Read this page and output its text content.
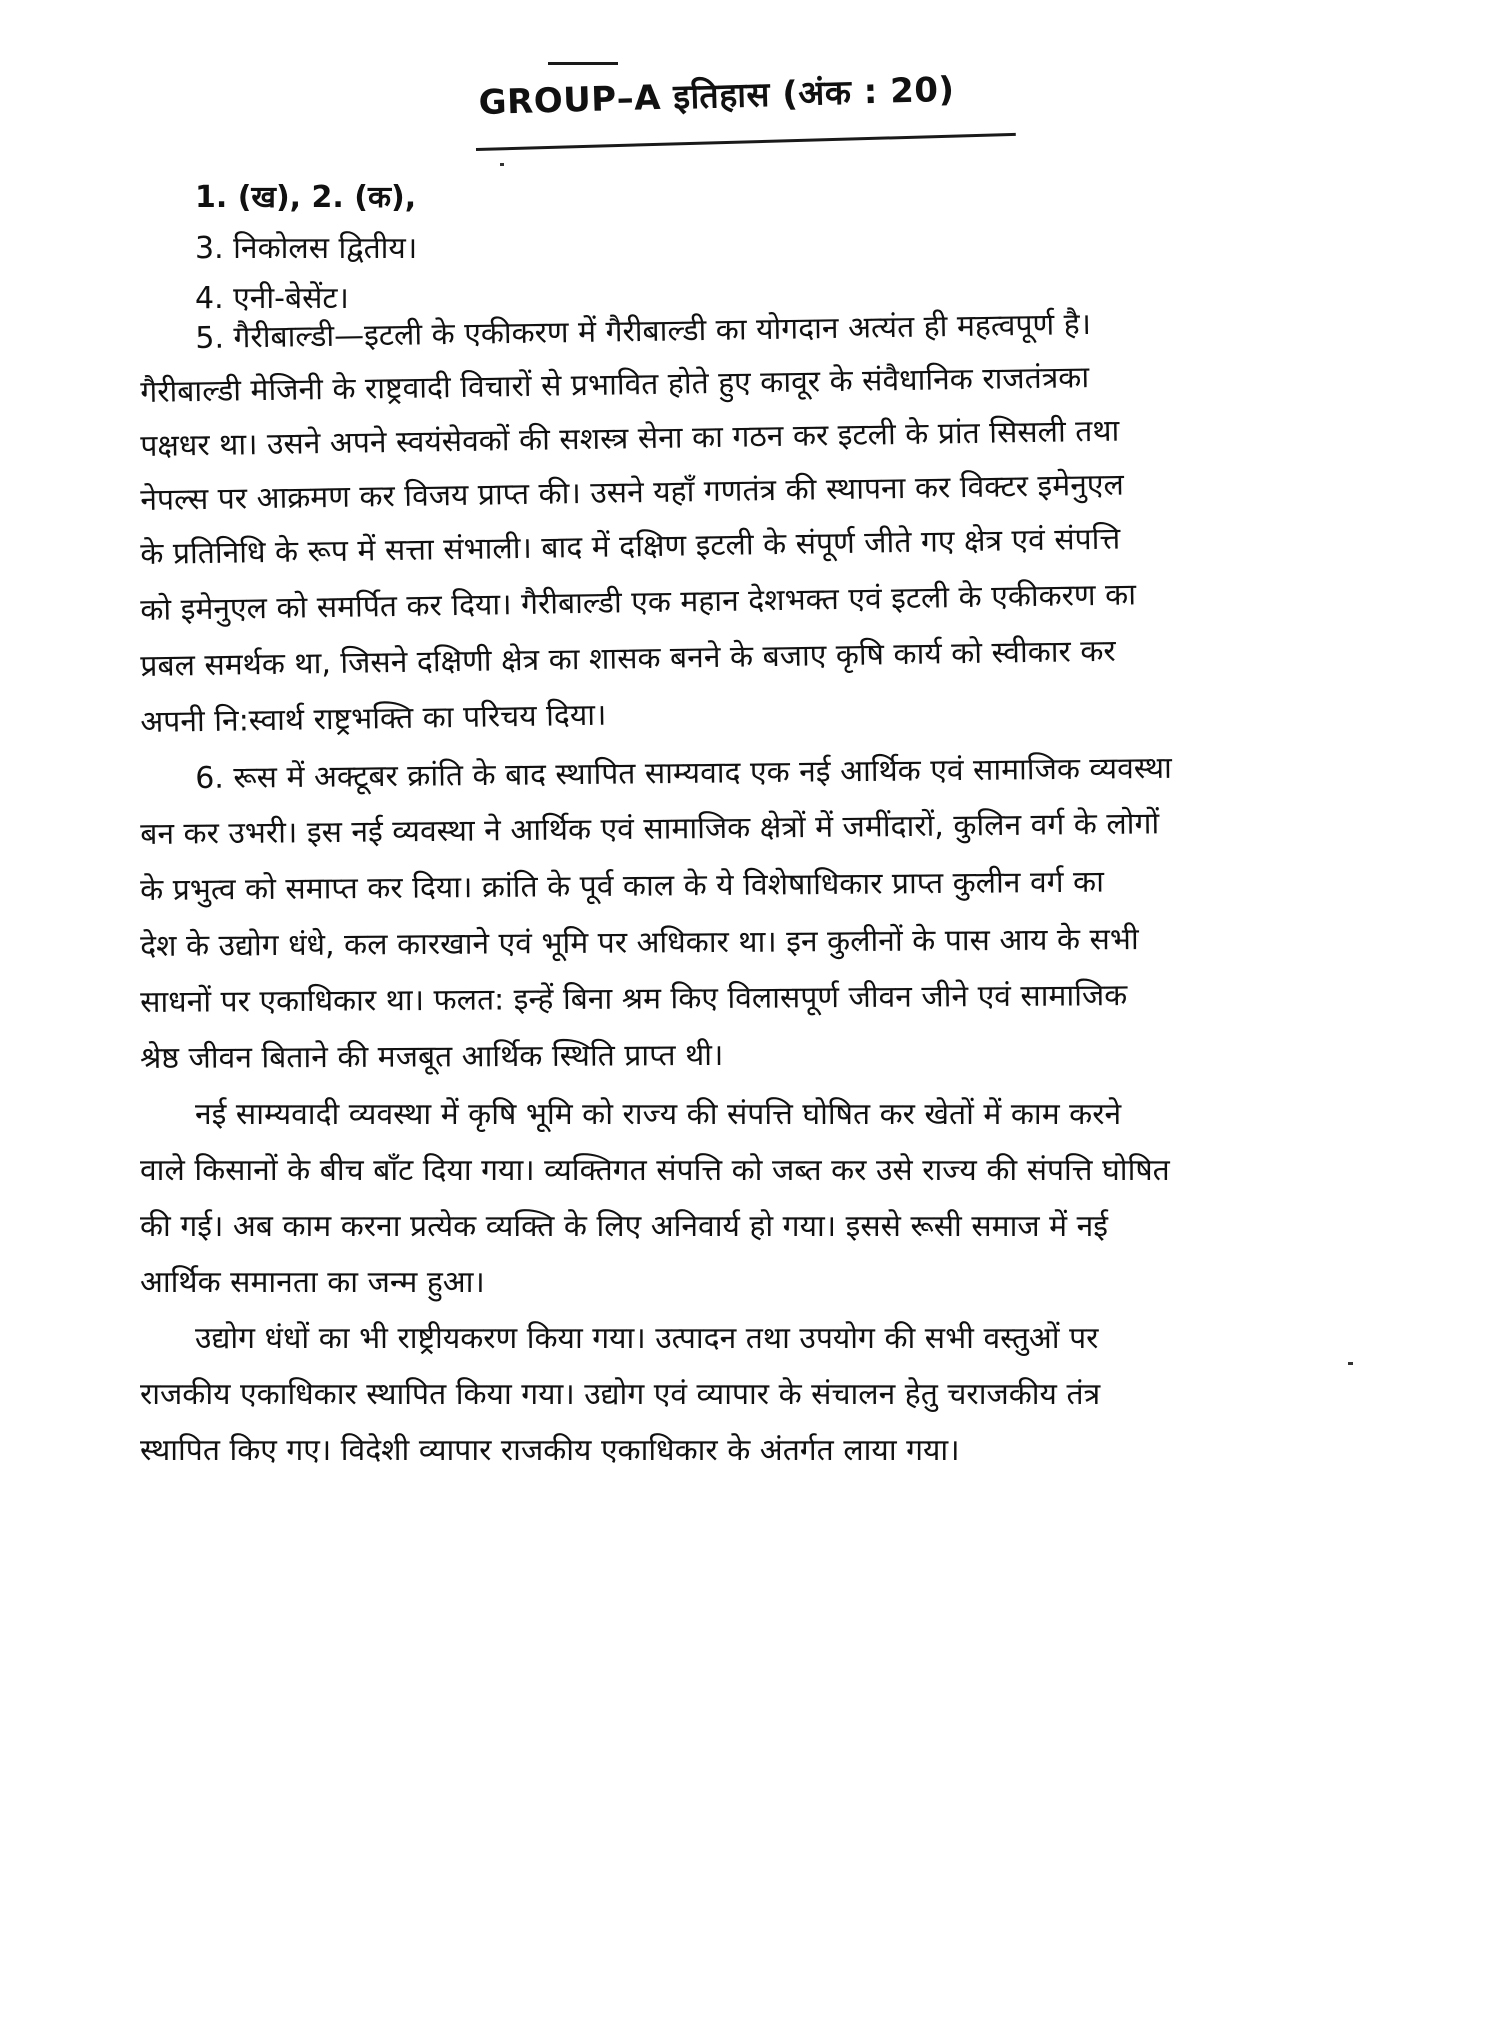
GROUP–A इतिहास (अंक : 20)
1. (ख), 2. (क),
3. निकोलस द्वितीय।
4. एनी-बेसेंट।
5. गैरीबाल्डी—इटली के एकीकरण में गैरीबाल्डी का योगदान अत्यंत ही महत्वपूर्ण है।
गैरीबाल्डी मेजिनी के राष्ट्रवादी विचारों से प्रभावित होते हुए कावूर के संवैधानिक राजतंत्रका
पक्षधर था। उसने अपने स्वयंसेवकों की सशस्त्र सेना का गठन कर इटली के प्रांत सिसली तथा
नेपल्स पर आक्रमण कर विजय प्राप्त की। उसने यहाँ गणतंत्र की स्थापना कर विक्टर इमेनुएल
के प्रतिनिधि के रूप में सत्ता संभाली। बाद में दक्षिण इटली के संपूर्ण जीते गए क्षेत्र एवं संपत्ति
को इमेनुएल को समर्पित कर दिया। गैरीबाल्डी एक महान देशभक्त एवं इटली के एकीकरण का
प्रबल समर्थक था, जिसने दक्षिणी क्षेत्र का शासक बनने के बजाए कृषि कार्य को स्वीकार कर
अपनी नि:स्वार्थ राष्ट्रभक्ति का परिचय दिया।
6. रूस में अक्टूबर क्रांति के बाद स्थापित साम्यवाद एक नई आर्थिक एवं सामाजिक व्यवस्था
बन कर उभरी। इस नई व्यवस्था ने आर्थिक एवं सामाजिक क्षेत्रों में जमींदारों, कुलिन वर्ग के लोगों
के प्रभुत्व को समाप्त कर दिया। क्रांति के पूर्व काल के ये विशेषाधिकार प्राप्त कुलीन वर्ग का
देश के उद्योग धंधे, कल कारखाने एवं भूमि पर अधिकार था। इन कुलीनों के पास आय के सभी
साधनों पर एकाधिकार था। फलत: इन्हें बिना श्रम किए विलासपूर्ण जीवन जीने एवं सामाजिक
श्रेष्ठ जीवन बिताने की मजबूत आर्थिक स्थिति प्राप्त थी।
नई साम्यवादी व्यवस्था में कृषि भूमि को राज्य की संपत्ति घोषित कर खेतों में काम करने
वाले किसानों के बीच बाँट दिया गया। व्यक्तिगत संपत्ति को जब्त कर उसे राज्य की संपत्ति घोषित
की गई। अब काम करना प्रत्येक व्यक्ति के लिए अनिवार्य हो गया। इससे रूसी समाज में नई
आर्थिक समानता का जन्म हुआ।
उद्योग धंधों का भी राष्ट्रीयकरण किया गया। उत्पादन तथा उपयोग की सभी वस्तुओं पर
राजकीय एकाधिकार स्थापित किया गया। उद्योग एवं व्यापार के संचालन हेतु चराजकीय तंत्र
स्थापित किए गए। विदेशी व्यापार राजकीय एकाधिकार के अंतर्गत लाया गया।
